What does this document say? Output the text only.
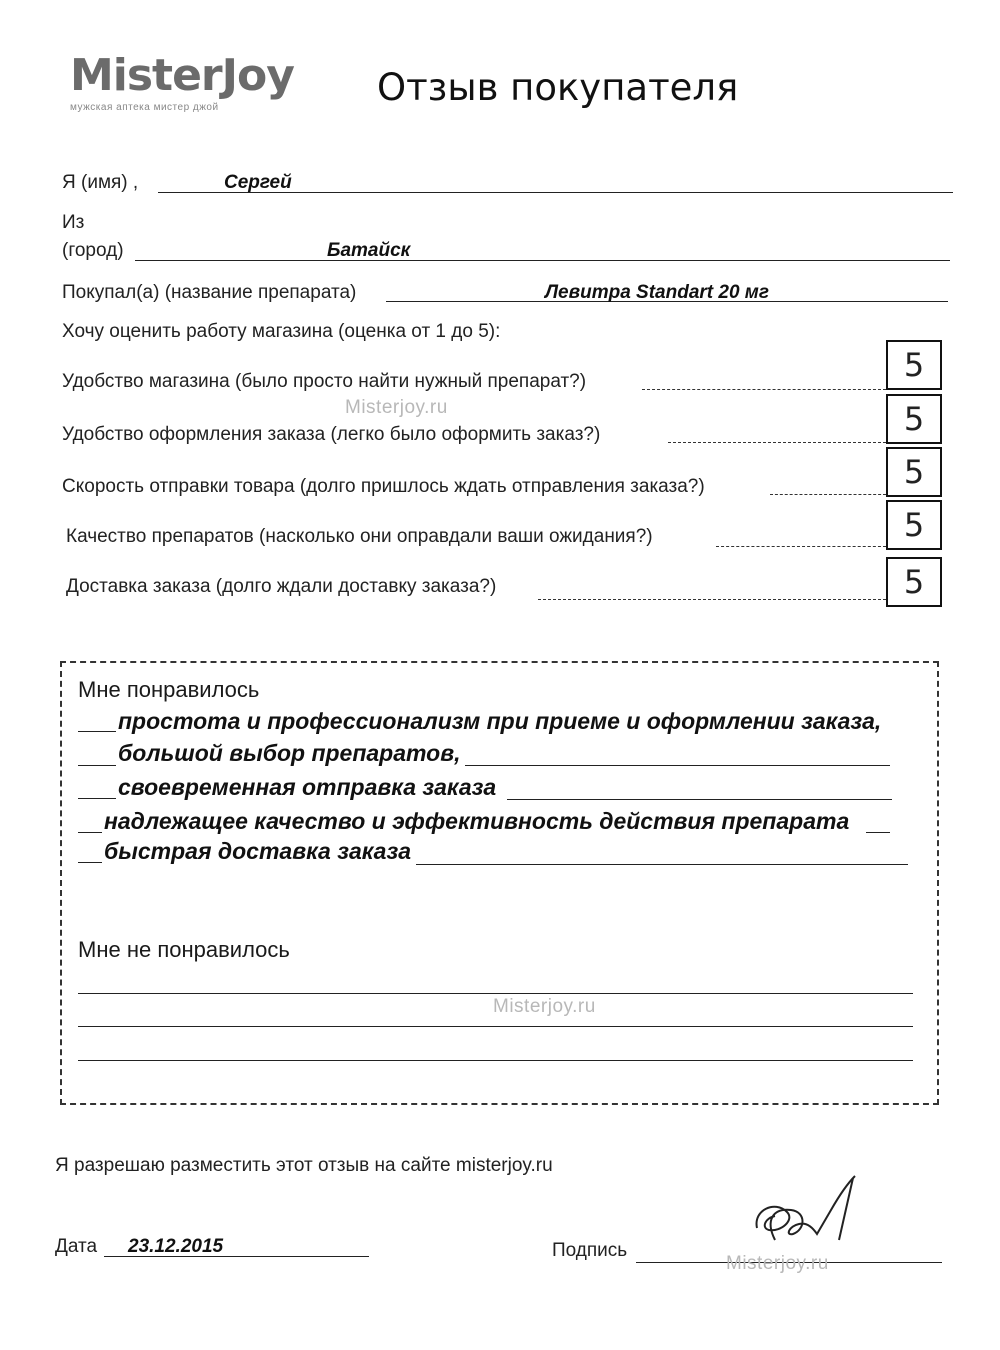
MisterJoy
мужская аптека мистер джой	Отзыв покупателя
Я (имя) ,	Сергей
Из
(город)	Батайск
Покупал(а) (название препарата)	Левитра Standart 20 мг
Хочу оценить работу магазина (оценка от 1 до 5):
Удобство магазина (было просто найти нужный препарат?)	5
Удобство оформления заказа (легко было оформить заказ?)	5
Скорость отправки товара (долго пришлось ждать отправления заказа?)	5
Качество препаратов (насколько они оправдали ваши ожидания?)	5
Доставка заказа (долго ждали доставку заказа?)	5
Misterjoy.ru
Мне понравилось
простота и профессионализм при приеме и оформлении заказа,
большой выбор препаратов,
своевременная отправка заказа
надлежащее качество и эффективность действия препарата
быстрая доставка заказа
Мне не понравилось
Misterjoy.ru
Я разрешаю разместить этот отзыв на сайте misterjoy.ru
Дата 23.12.2015	Подпись
Misterjoy.ru
